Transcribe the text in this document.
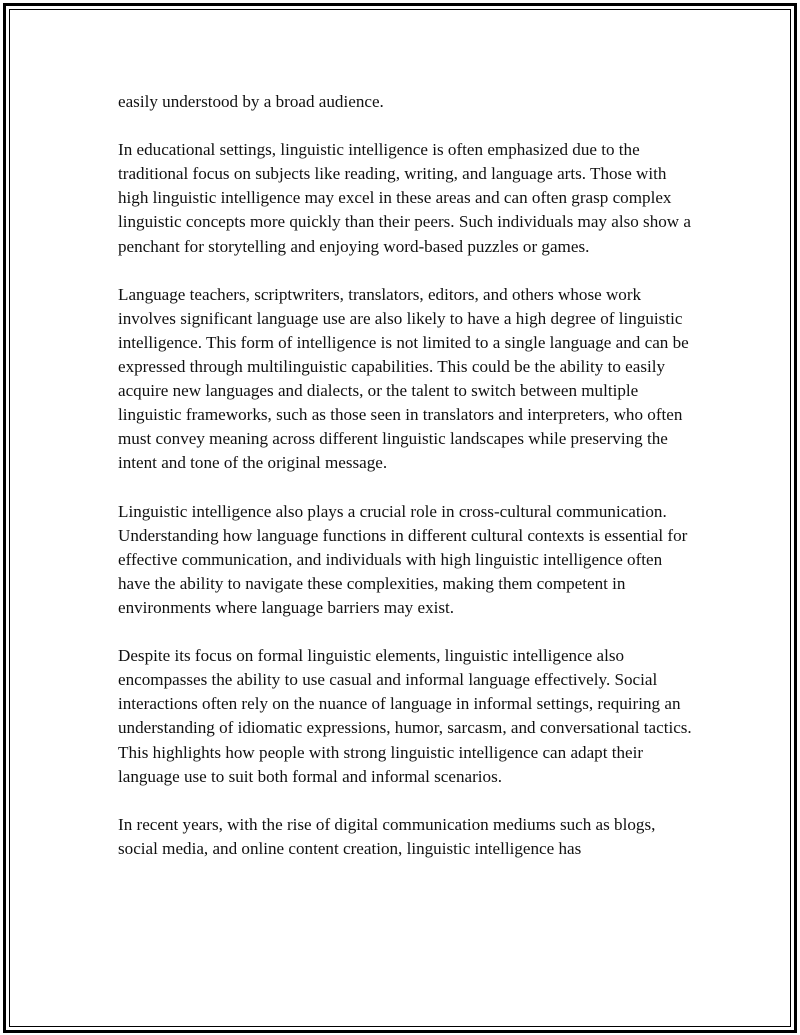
easily understood by a broad audience.

In educational settings, linguistic intelligence is often emphasized due to the traditional focus on subjects like reading, writing, and language arts. Those with high linguistic intelligence may excel in these areas and can often grasp complex linguistic concepts more quickly than their peers. Such individuals may also show a penchant for storytelling and enjoying word-based puzzles or games.

Language teachers, scriptwriters, translators, editors, and others whose work involves significant language use are also likely to have a high degree of linguistic intelligence. This form of intelligence is not limited to a single language and can be expressed through multilinguistic capabilities. This could be the ability to easily acquire new languages and dialects, or the talent to switch between multiple linguistic frameworks, such as those seen in translators and interpreters, who often must convey meaning across different linguistic landscapes while preserving the intent and tone of the original message.

Linguistic intelligence also plays a crucial role in cross-cultural communication. Understanding how language functions in different cultural contexts is essential for effective communication, and individuals with high linguistic intelligence often have the ability to navigate these complexities, making them competent in environments where language barriers may exist.

Despite its focus on formal linguistic elements, linguistic intelligence also encompasses the ability to use casual and informal language effectively. Social interactions often rely on the nuance of language in informal settings, requiring an understanding of idiomatic expressions, humor, sarcasm, and conversational tactics. This highlights how people with strong linguistic intelligence can adapt their language use to suit both formal and informal scenarios.

In recent years, with the rise of digital communication mediums such as blogs, social media, and online content creation, linguistic intelligence has
